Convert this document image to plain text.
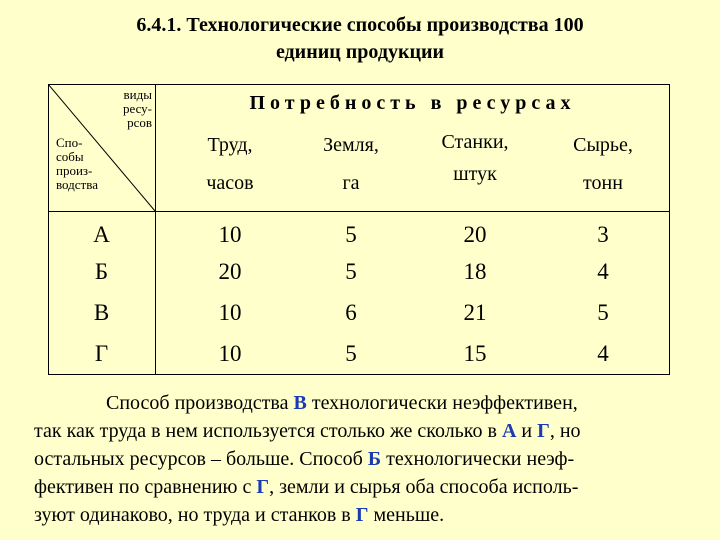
6.4.1. Технологические способы производства 100
единиц продукции
виды
ресу-
рсов
Спо-
собы
произ-
водства
Потребность в ресурсах
Труд,
часов
Земля,
га
Станки,
штук
Сырье,
тонн
А	10	5	20	3
Б	20	5	18	4
В	10	6	21	5
Г	10	5	15	4
Способ производства В технологически неэффективен,
так как труда в нем используется столько же сколько в А и Г, но
остальных ресурсов – больше. Способ Б технологически неэф-
фективен по сравнению с Г, земли и сырья оба способа исполь-
зуют одинаково, но труда и станков в Г меньше.
